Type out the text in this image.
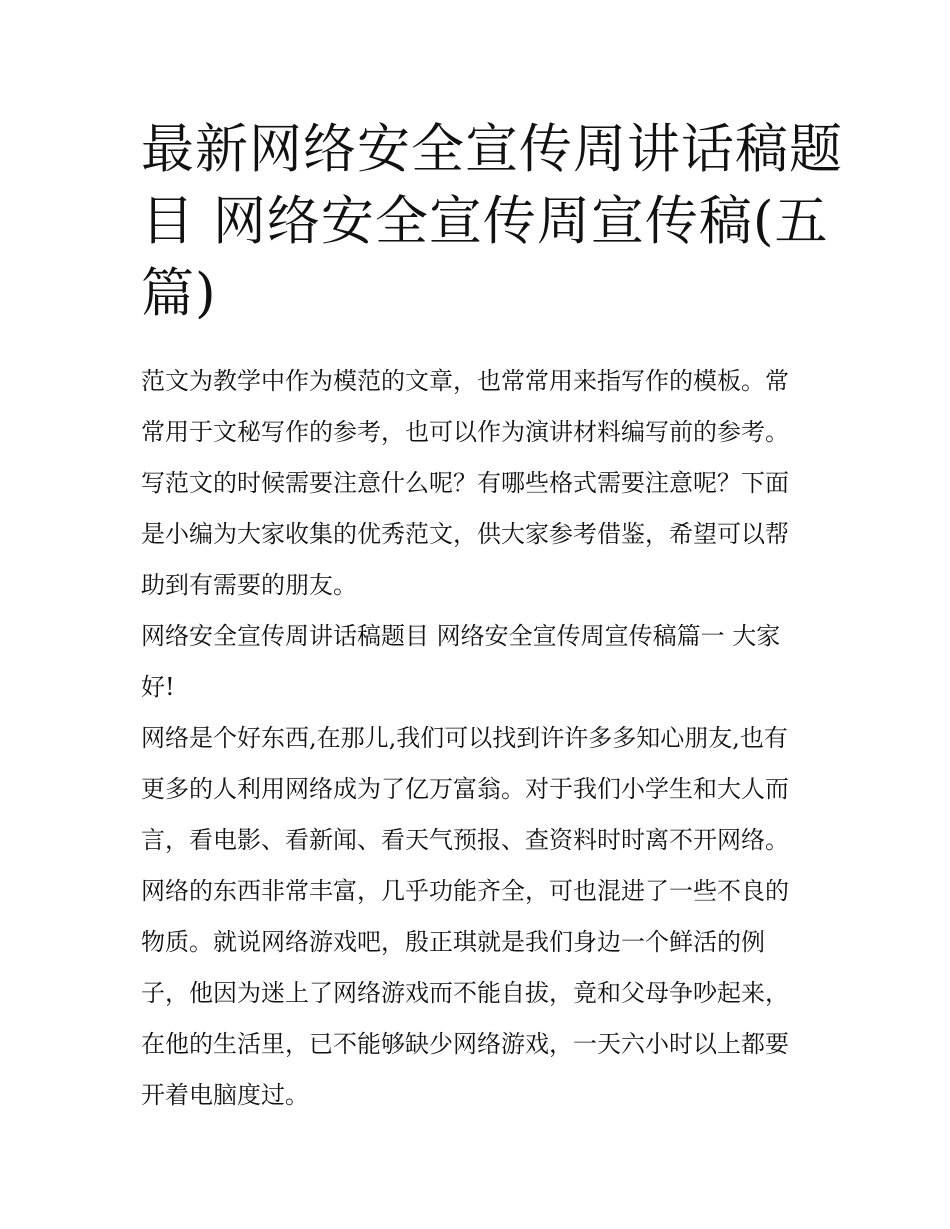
最新网络安全宣传周讲话稿题
目 网络安全宣传周宣传稿(五
篇)
范文为教学中作为模范的文章，也常常用来指写作的模板。常
常用于文秘写作的参考，也可以作为演讲材料编写前的参考。
写范文的时候需要注意什么呢？有哪些格式需要注意呢？下面
是小编为大家收集的优秀范文，供大家参考借鉴，希望可以帮
助到有需要的朋友。
网络安全宣传周讲话稿题目 网络安全宣传周宣传稿篇一 大家
好!
网络是个好东西,在那儿,我们可以找到许许多多知心朋友,也有
更多的人利用网络成为了亿万富翁。对于我们小学生和大人而
言，看电影、看新闻、看天气预报、查资料时时离不开网络。
网络的东西非常丰富，几乎功能齐全，可也混进了一些不良的
物质。就说网络游戏吧，殷正琪就是我们身边一个鲜活的例
子，他因为迷上了网络游戏而不能自拔，竟和父母争吵起来，
在他的生活里，已不能够缺少网络游戏，一天六小时以上都要
开着电脑度过。
